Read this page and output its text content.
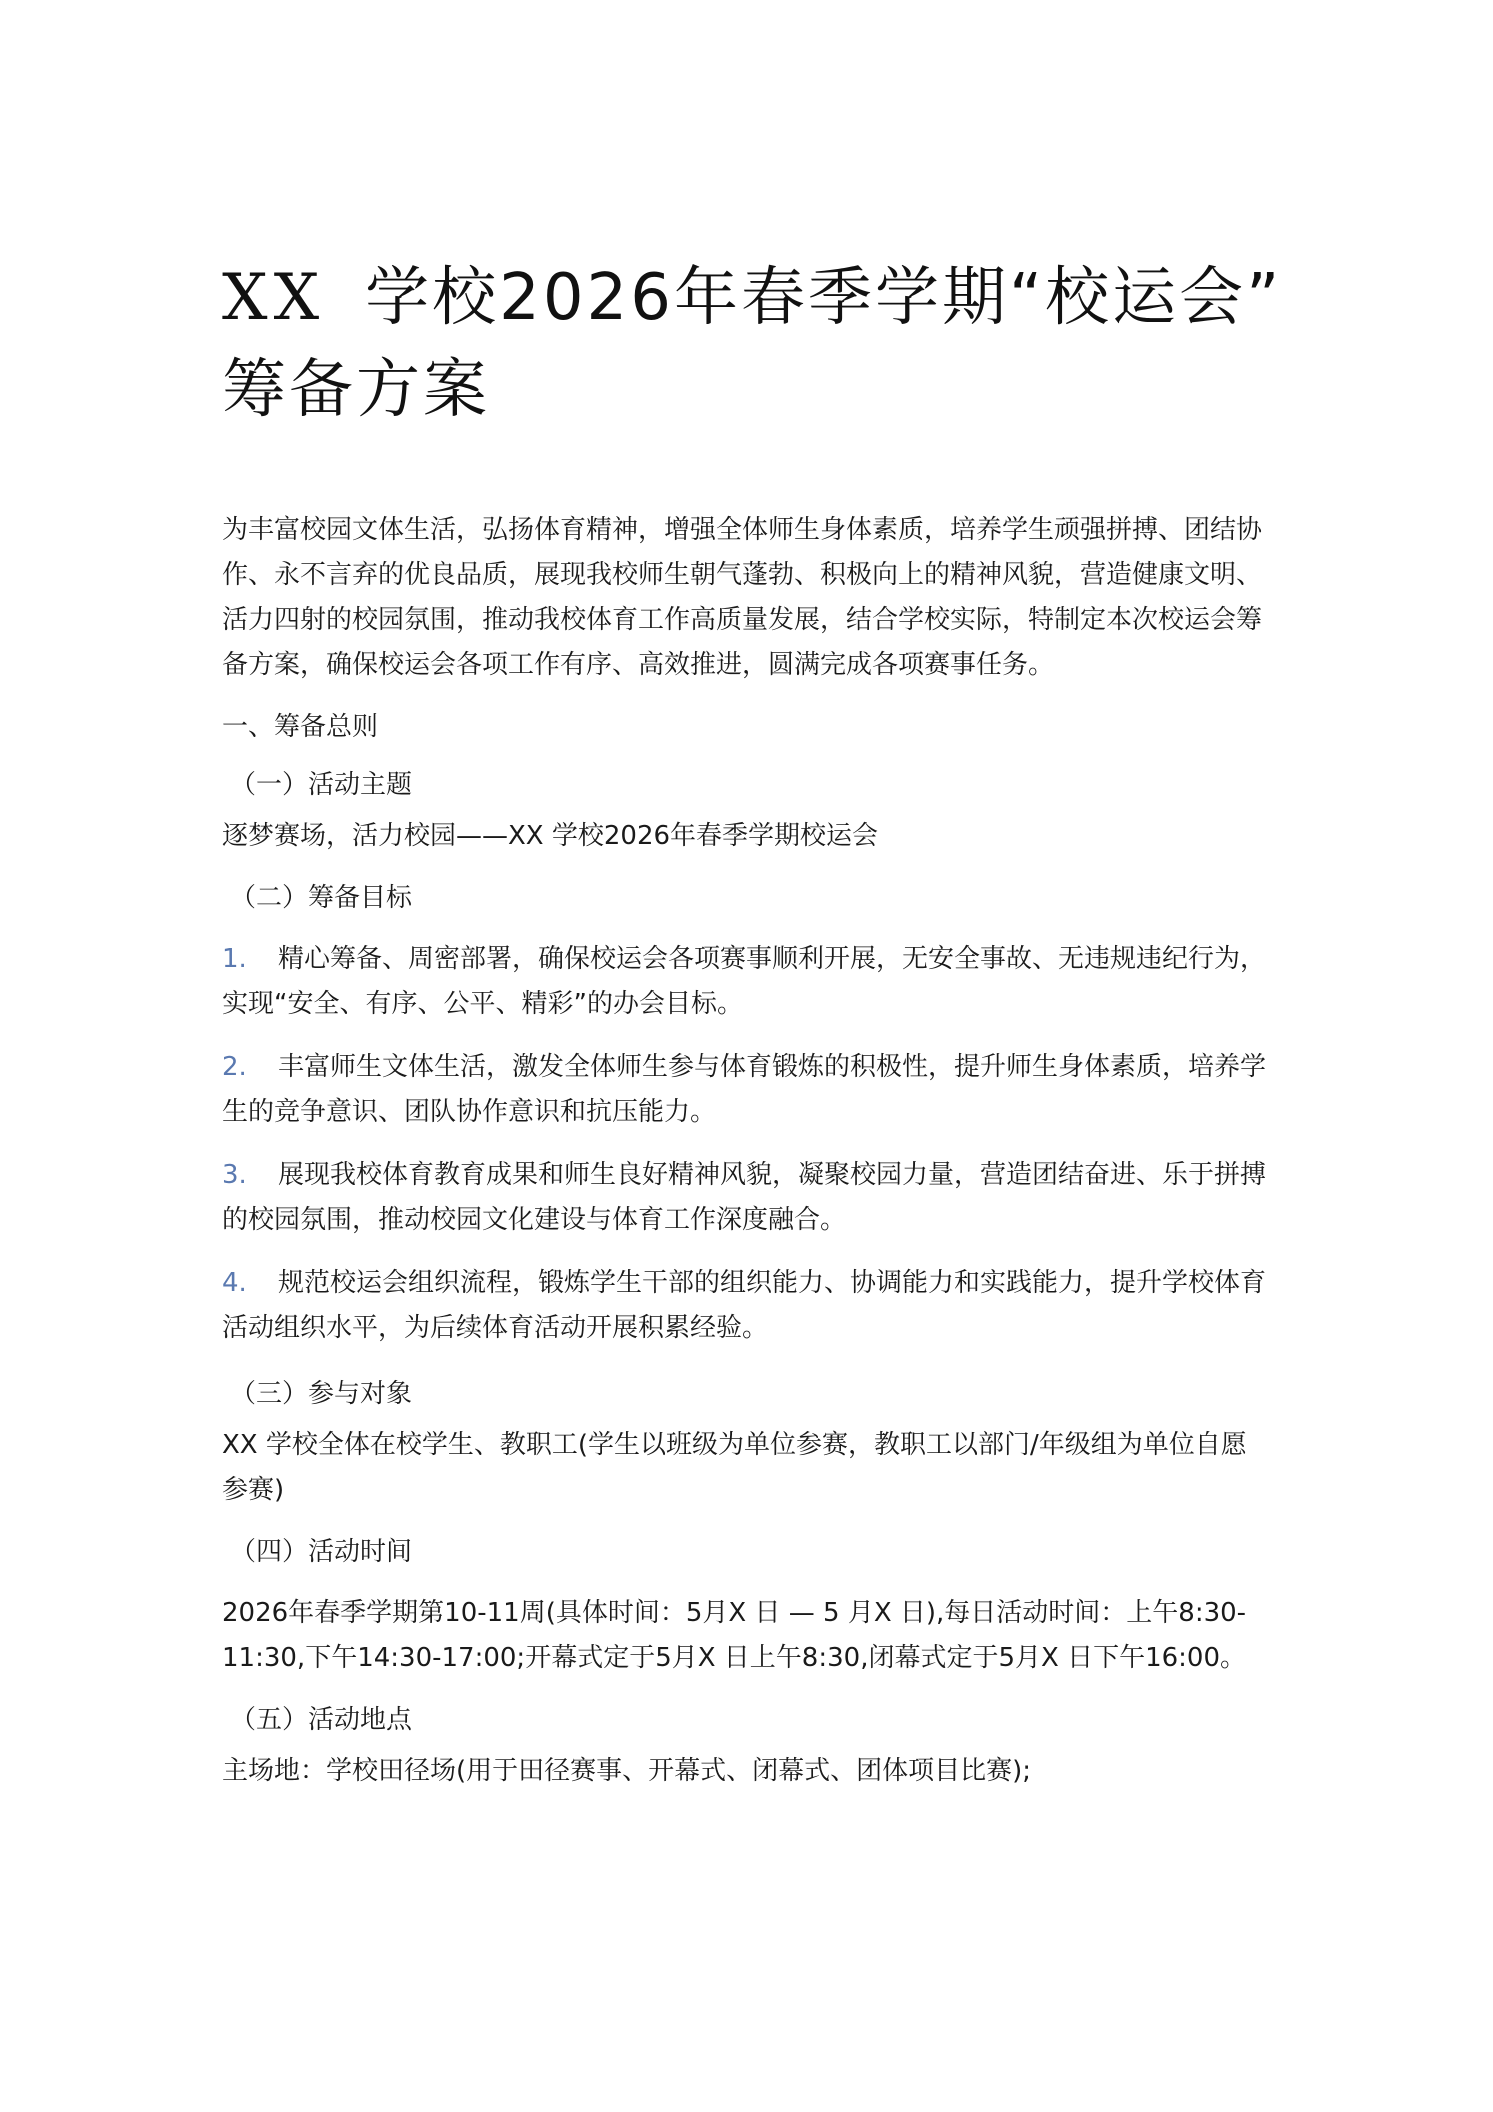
XX 学校2026年春季学期“校运会”
筹备方案

为丰富校园文体生活，弘扬体育精神，增强全体师生身体素质，培养学生顽强拼搏、团结协作、永不言弃的优良品质，展现我校师生朝气蓬勃、积极向上的精神风貌，营造健康文明、活力四射的校园氛围，推动我校体育工作高质量发展，结合学校实际，特制定本次校运会筹备方案，确保校运会各项工作有序、高效推进，圆满完成各项赛事任务。

一、筹备总则

（一）活动主题

逐梦赛场，活力校园——XX 学校2026年春季学期校运会

（二）筹备目标

1. 精心筹备、周密部署，确保校运会各项赛事顺利开展，无安全事故、无违规违纪行为，实现“安全、有序、公平、精彩”的办会目标。

2. 丰富师生文体生活，激发全体师生参与体育锻炼的积极性，提升师生身体素质，培养学生的竞争意识、团队协作意识和抗压能力。

3. 展现我校体育教育成果和师生良好精神风貌，凝聚校园力量，营造团结奋进、乐于拼搏的校园氛围，推动校园文化建设与体育工作深度融合。

4. 规范校运会组织流程，锻炼学生干部的组织能力、协调能力和实践能力，提升学校体育活动组织水平，为后续体育活动开展积累经验。

（三）参与对象

XX 学校全体在校学生、教职工(学生以班级为单位参赛，教职工以部门/年级组为单位自愿参赛)

（四）活动时间

2026年春季学期第10-11周(具体时间：5月X 日 — 5 月X 日),每日活动时间：上午8:30-11:30,下午14:30-17:00;开幕式定于5月X 日上午8:30,闭幕式定于5月X 日下午16:00。

（五）活动地点

主场地：学校田径场(用于田径赛事、开幕式、闭幕式、团体项目比赛);
